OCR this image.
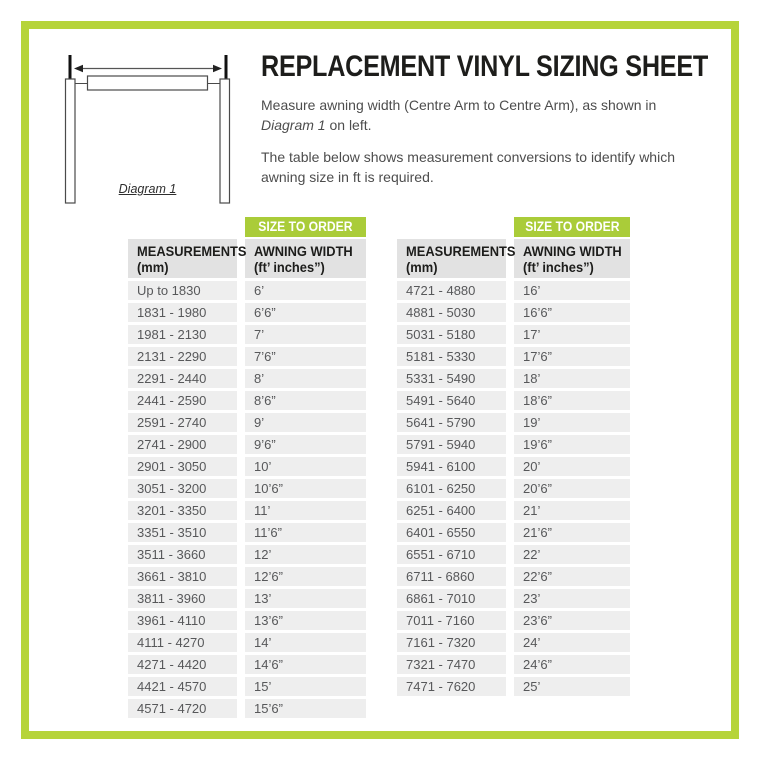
Diagram 1
REPLACEMENT VINYL SIZING SHEET

Measure awning width (Centre Arm to Centre Arm), as shown in Diagram 1 on left.

The table below shows measurement conversions to identify which awning size in ft is required.

SIZE TO ORDER
MEASUREMENTS
(mm)
AWNING WIDTH
(ft’ inches”)
Up to 1830	6’
1831 - 1980	6’6”
1981 - 2130	7’
2131 - 2290	7’6”
2291 - 2440	8’
2441 - 2590	8’6”
2591 - 2740	9’
2741 - 2900	9’6”
2901 - 3050	10’
3051 - 3200	10’6”
3201 - 3350	11’
3351 - 3510	11’6”
3511 - 3660	12’
3661 - 3810	12’6”
3811 - 3960	13’
3961 - 4110	13’6”
4111 - 4270	14’
4271 - 4420	14’6”
4421 - 4570	15’
4571 - 4720	15’6”
SIZE TO ORDER
MEASUREMENTS
(mm)
AWNING WIDTH
(ft’ inches”)
4721 - 4880	16’
4881 - 5030	16’6”
5031 - 5180	17’
5181 - 5330	17’6”
5331 - 5490	18’
5491 - 5640	18’6”
5641 - 5790	19’
5791 - 5940	19’6”
5941 - 6100	20’
6101 - 6250	20’6”
6251 - 6400	21’
6401 - 6550	21’6”
6551 - 6710	22’
6711 - 6860	22’6”
6861 - 7010	23’
7011 - 7160	23’6”
7161 - 7320	24’
7321 - 7470	24’6”
7471 - 7620	25’
